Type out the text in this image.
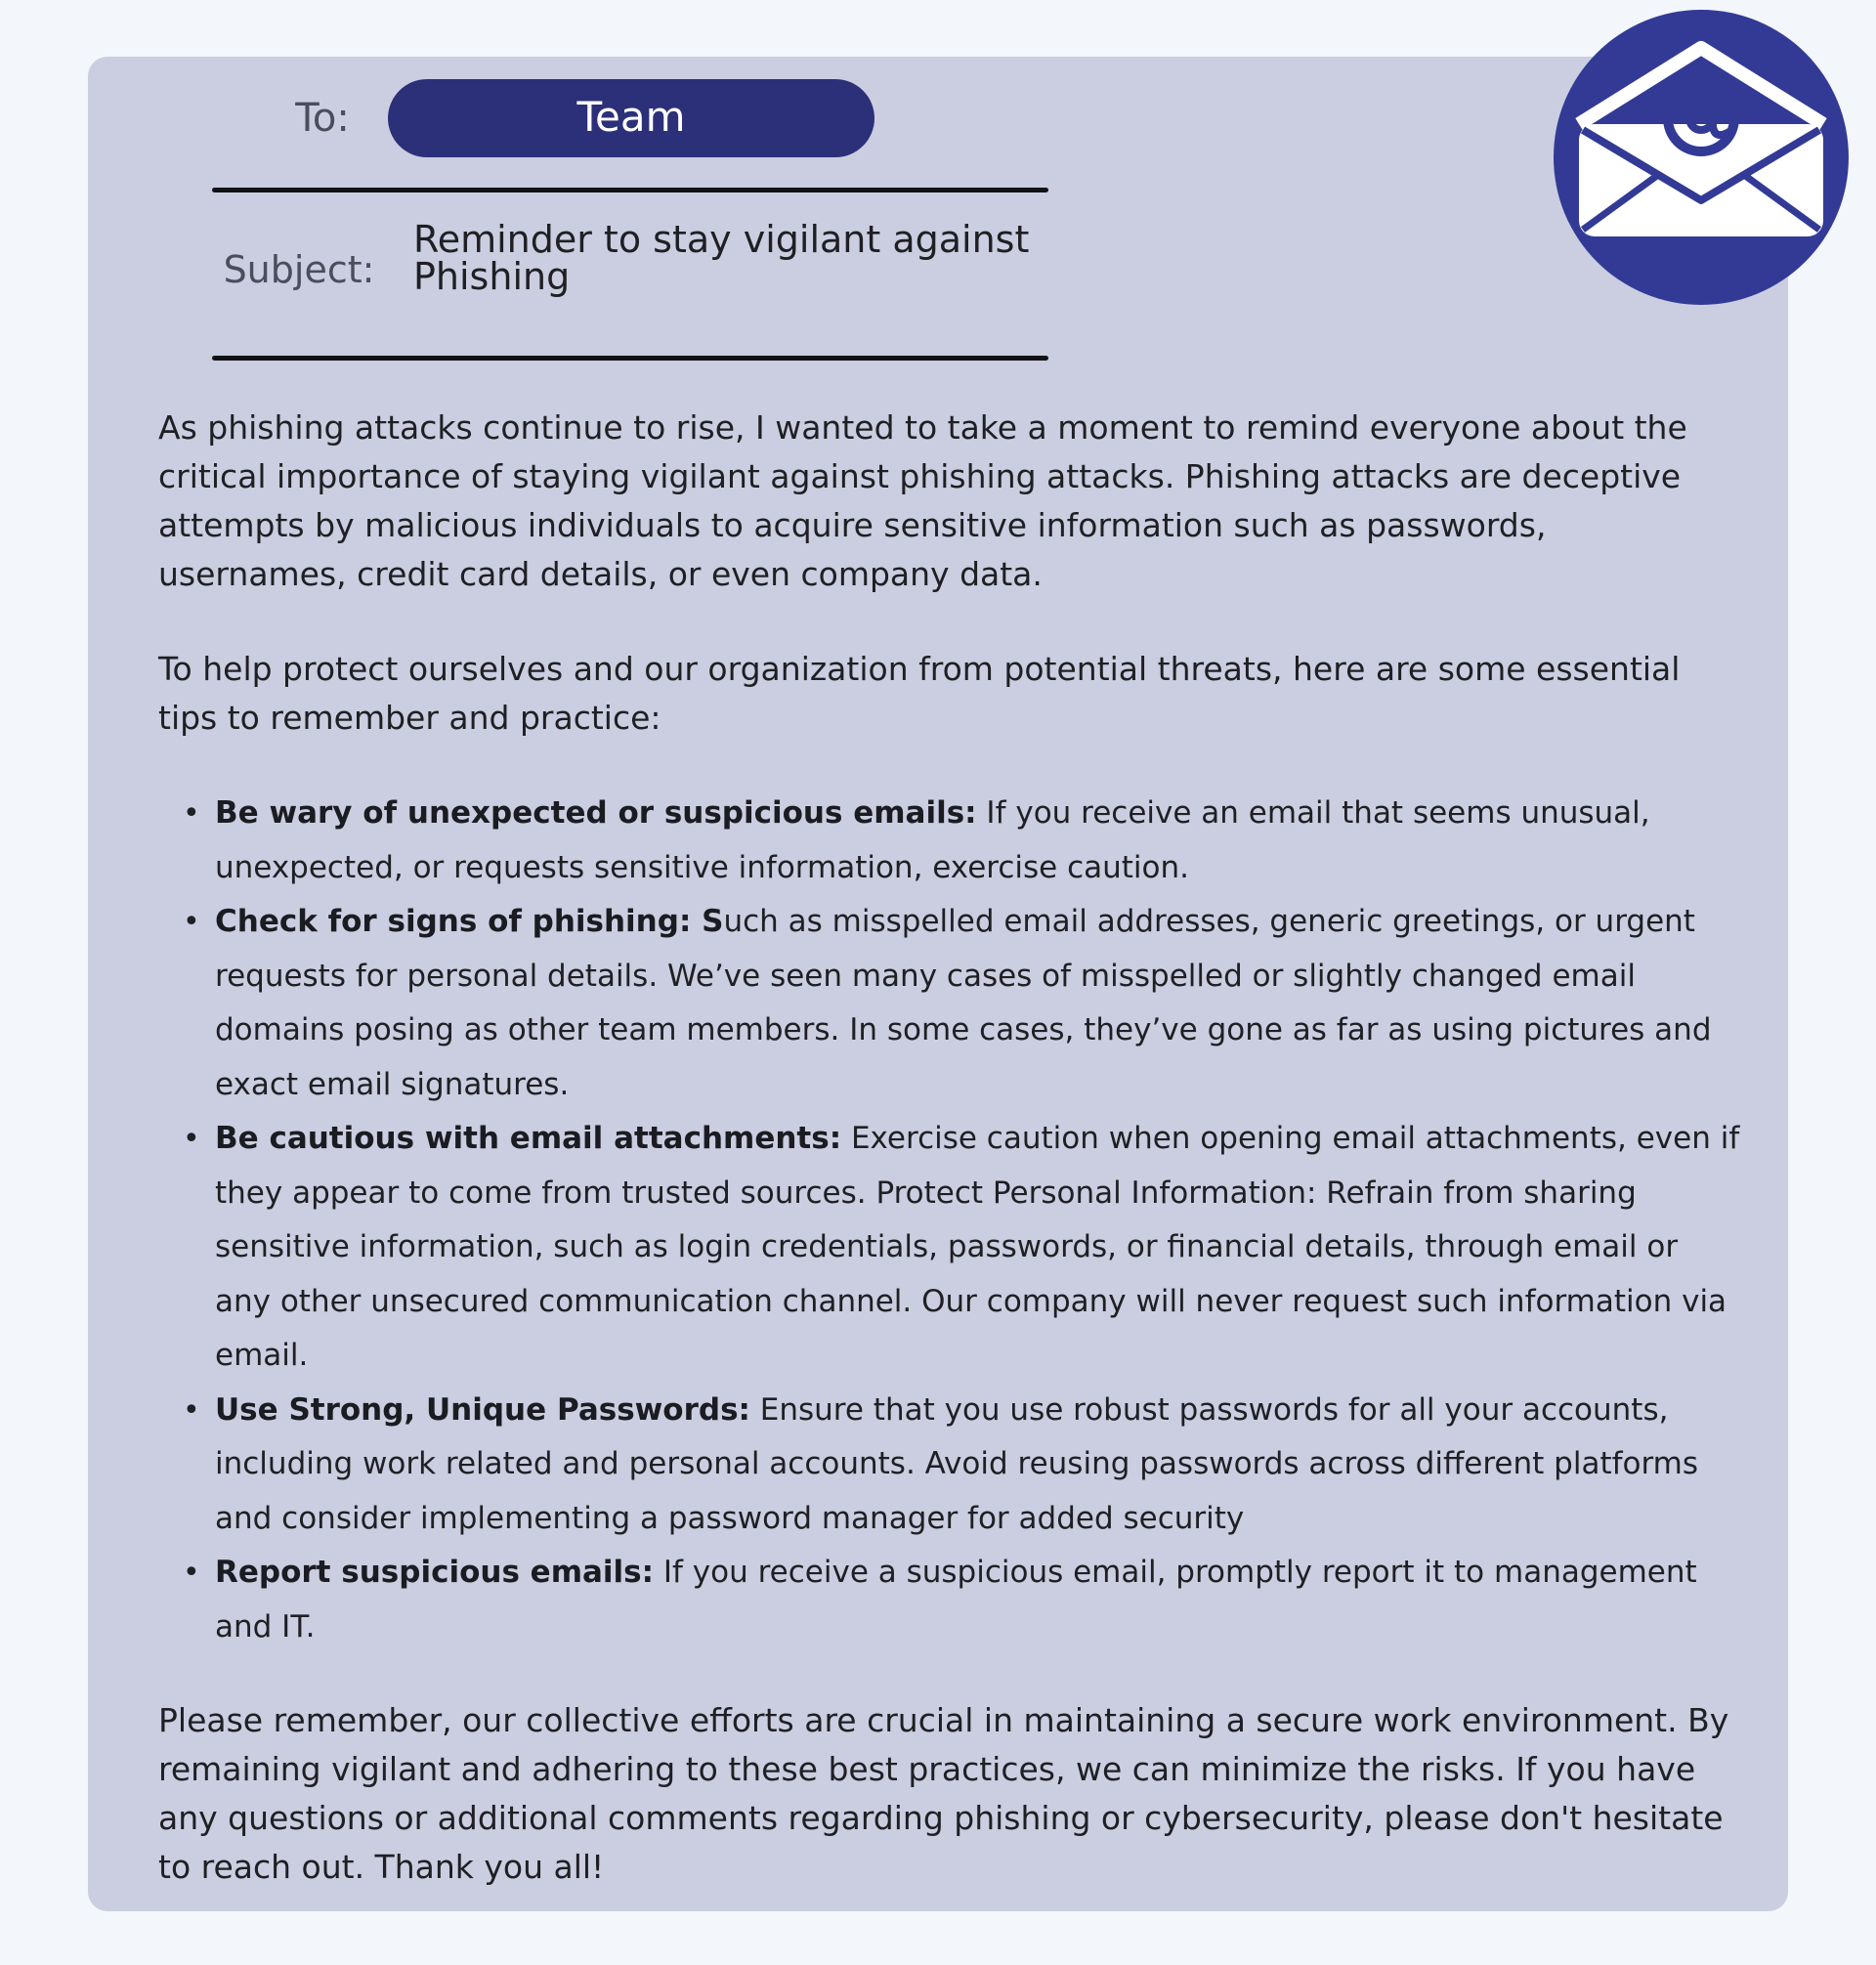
To:	Team
Subject:
Reminder to stay vigilant against Phishing

As phishing attacks continue to rise, I wanted to take a moment to remind everyone about the critical importance of staying vigilant against phishing attacks. Phishing attacks are deceptive attempts by malicious individuals to acquire sensitive information such as passwords, usernames, credit card details, or even company data.

To help protect ourselves and our organization from potential threats, here are some essential tips to remember and practice:

• Be wary of unexpected or suspicious emails: If you receive an email that seems unusual, unexpected, or requests sensitive information, exercise caution.
• Check for signs of phishing: Such as misspelled email addresses, generic greetings, or urgent requests for personal details. We’ve seen many cases of misspelled or slightly changed email domains posing as other team members. In some cases, they’ve gone as far as using pictures and exact email signatures.
• Be cautious with email attachments: Exercise caution when opening email attachments, even if they appear to come from trusted sources. Protect Personal Information: Refrain from sharing sensitive information, such as login credentials, passwords, or financial details, through email or any other unsecured communication channel. Our company will never request such information via email.
• Use Strong, Unique Passwords: Ensure that you use robust passwords for all your accounts, including work related and personal accounts. Avoid reusing passwords across different platforms and consider implementing a password manager for added security
• Report suspicious emails: If you receive a suspicious email, promptly report it to management and IT.

Please remember, our collective efforts are crucial in maintaining a secure work environment. By remaining vigilant and adhering to these best practices, we can minimize the risks. If you have any questions or additional comments regarding phishing or cybersecurity, please don't hesitate to reach out. Thank you all!
